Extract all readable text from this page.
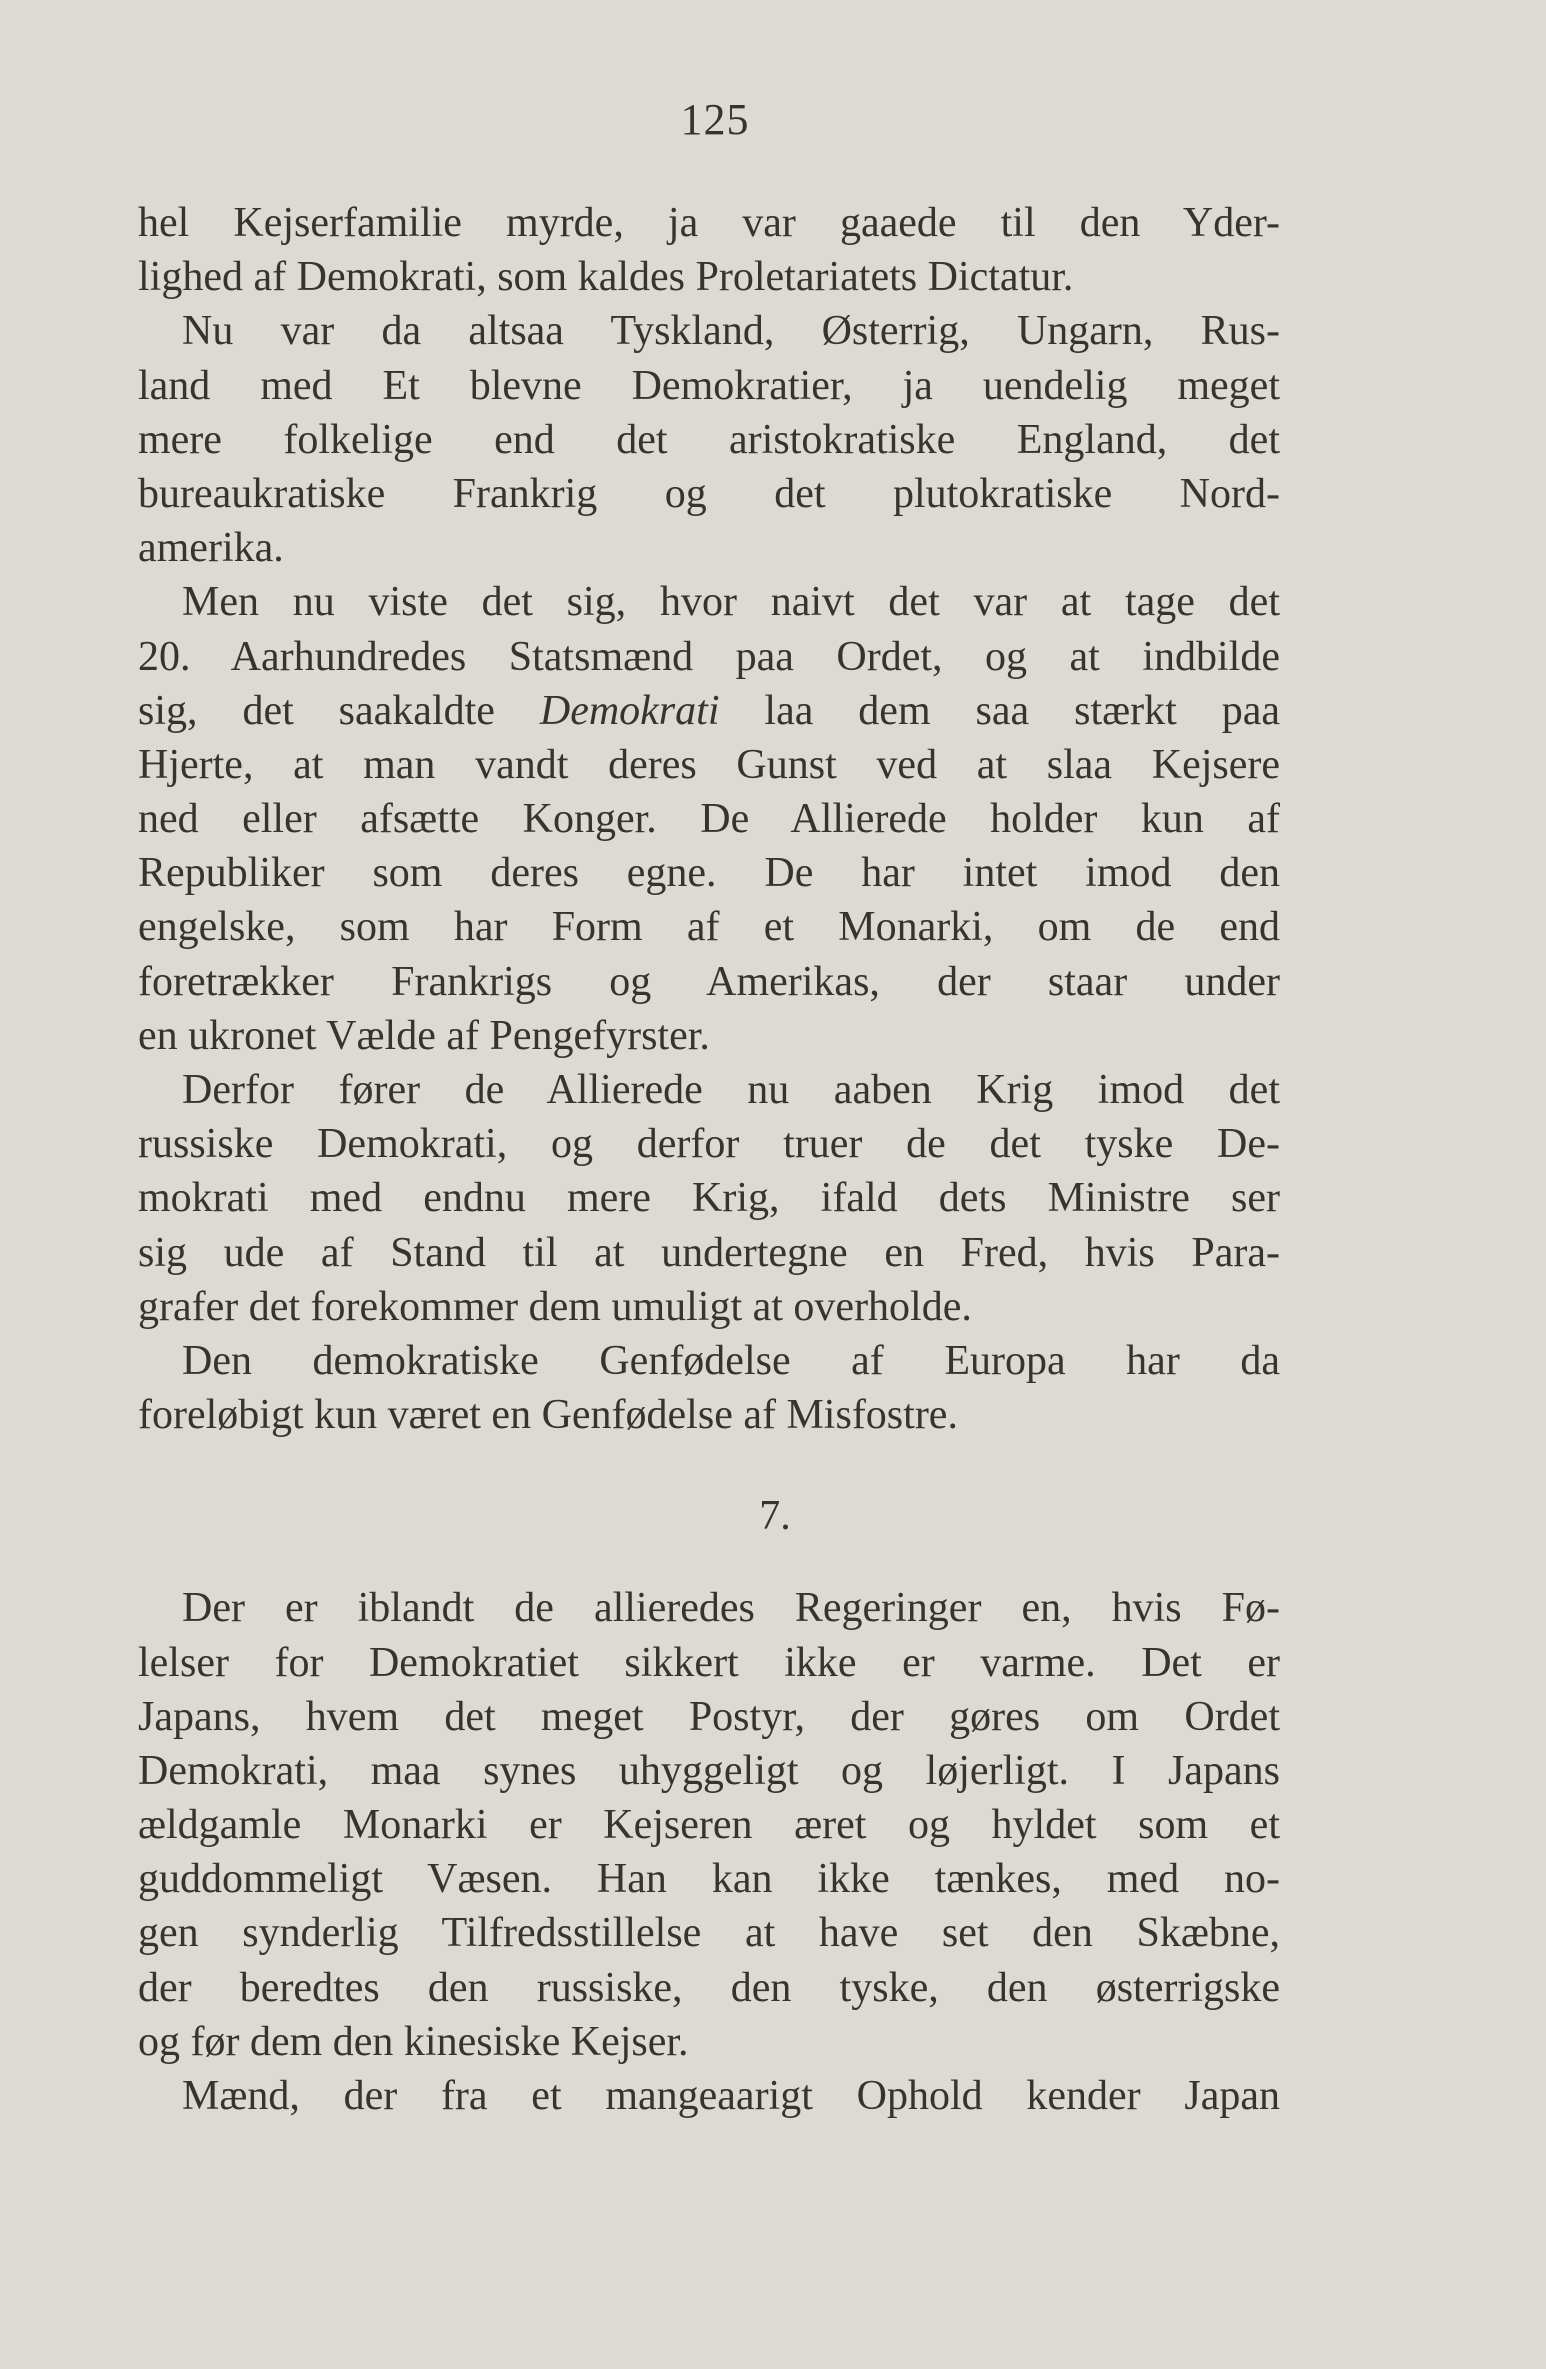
125
hel Kejserfamilie myrde, ja var gaaede til den Yder-
lighed af Demokrati, som kaldes Proletariatets Dictatur.
Nu var da altsaa Tyskland, Østerrig, Ungarn, Rus-
land med Et blevne Demokratier, ja uendelig meget
mere folkelige end det aristokratiske England, det
bureaukratiske Frankrig og det plutokratiske Nord-
amerika.
Men nu viste det sig, hvor naivt det var at tage det
20. Aarhundredes Statsmænd paa Ordet, og at indbilde
sig, det saakaldte Demokrati laa dem saa stærkt paa
Hjerte, at man vandt deres Gunst ved at slaa Kejsere
ned eller afsætte Konger. De Allierede holder kun af
Republiker som deres egne. De har intet imod den
engelske, som har Form af et Monarki, om de end
foretrækker Frankrigs og Amerikas, der staar under
en ukronet Vælde af Pengefyrster.
Derfor fører de Allierede nu aaben Krig imod det
russiske Demokrati, og derfor truer de det tyske De-
mokrati med endnu mere Krig, ifald dets Ministre ser
sig ude af Stand til at undertegne en Fred, hvis Para-
grafer det forekommer dem umuligt at overholde.
Den demokratiske Genfødelse af Europa har da
foreløbigt kun været en Genfødelse af Misfostre.
7.
Der er iblandt de allieredes Regeringer en, hvis Fø-
lelser for Demokratiet sikkert ikke er varme. Det er
Japans, hvem det meget Postyr, der gøres om Ordet
Demokrati, maa synes uhyggeligt og løjerligt. I Japans
ældgamle Monarki er Kejseren æret og hyldet som et
guddommeligt Væsen. Han kan ikke tænkes, med no-
gen synderlig Tilfredsstillelse at have set den Skæbne,
der beredtes den russiske, den tyske, den østerrigske
og før dem den kinesiske Kejser.
Mænd, der fra et mangeaarigt Ophold kender Japan
